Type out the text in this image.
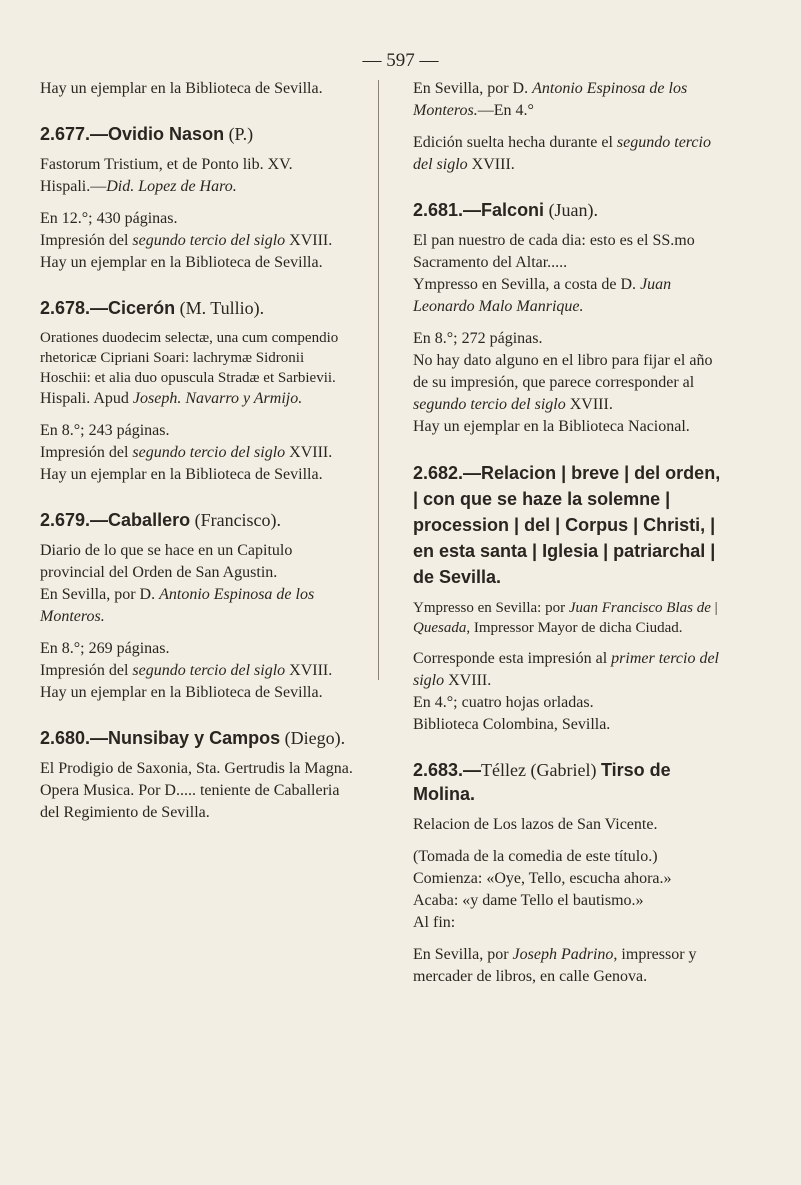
— 597 —

Hay un ejemplar en la Biblioteca de Sevilla.

2.677.—Ovidio Nason (P.)

Fastorum Tristium, et de Ponto lib. XV.

Hispali.—Did. Lopez de Haro.

En 12.°; 430 páginas.

Impresión del segundo tercio del siglo XVIII.

Hay un ejemplar en la Biblioteca de Sevilla.

2.678.—Cicerón (M. Tullio).

Orationes duodecim selectæ, una cum compendio rhetoricæ Cipriani Soari: lachrymæ Sidronii Hoschii: et alia duo opuscula Stradæ et Sarbievii.

Hispali. Apud Joseph. Navarro y Armijo.

En 8.°; 243 páginas.

Impresión del segundo tercio del siglo XVIII.

Hay un ejemplar en la Biblioteca de Sevilla.

2.679.—Caballero (Francisco).

Diario de lo que se hace en un Capitulo provincial del Orden de San Agustin.

En Sevilla, por D. Antonio Espinosa de los Monteros.

En 8.°; 269 páginas.

Impresión del segundo tercio del siglo XVIII.

Hay un ejemplar en la Biblioteca de Sevilla.

2.680.—Nunsibay y Campos (Diego).

El Prodigio de Saxonia, Sta. Gertrudis la Magna. Opera Musica. Por D..... teniente de Caballeria del Regimiento de Sevilla.

En Sevilla, por D. Antonio Espinosa de los Monteros.—En 4.°

Edición suelta hecha durante el segundo tercio del siglo XVIII.

2.681.—Falconi (Juan).

El pan nuestro de cada dia: esto es el SS.mo Sacramento del Altar.....

Ympresso en Sevilla, a costa de D. Juan Leonardo Malo Manrique.

En 8.°; 272 páginas.

No hay dato alguno en el libro para fijar el año de su impresión, que parece corresponder al segundo tercio del siglo XVIII.

Hay un ejemplar en la Biblioteca Nacional.

2.682.—Relacion | breve | del orden, | con que se haze la solemne | procession | del | Corpus | Christi, | en esta santa | Iglesia | patriarchal | de Sevilla.

Ympresso en Sevilla: por Juan Francisco Blas de | Quesada, Impressor Mayor de dicha Ciudad.

Corresponde esta impresión al primer tercio del siglo XVIII.

En 4.°; cuatro hojas orladas.

Biblioteca Colombina, Sevilla.

2.683.—Téllez (Gabriel) Tirso de Molina.

Relacion de Los lazos de San Vicente.

(Tomada de la comedia de este título.)

Comienza: «Oye, Tello, escucha ahora.»

Acaba: «y dame Tello el bautismo.»

Al fin:

En Sevilla, por Joseph Padrino, impressor y mercader de libros, en calle Genova.
